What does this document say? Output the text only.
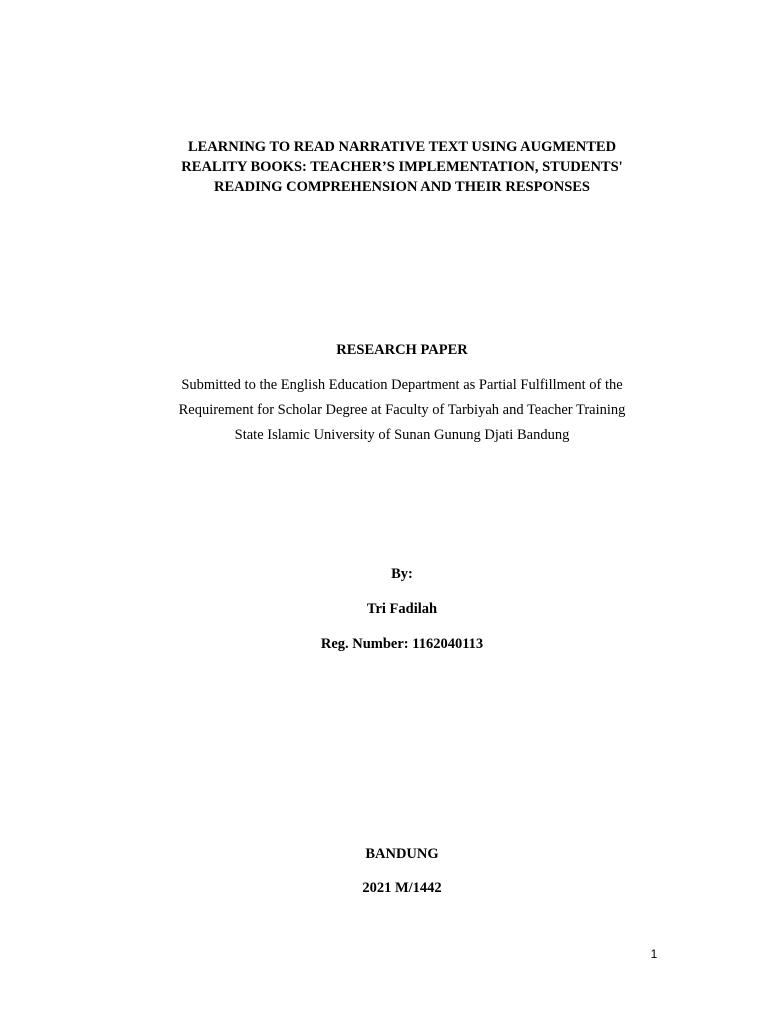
LEARNING TO READ NARRATIVE TEXT USING AUGMENTED
REALITY BOOKS: TEACHER’S IMPLEMENTATION, STUDENTS'
READING COMPREHENSION AND THEIR RESPONSES
RESEARCH PAPER
Submitted to the English Education Department as Partial Fulfillment of the
Requirement for Scholar Degree at Faculty of Tarbiyah and Teacher Training
State Islamic University of Sunan Gunung Djati Bandung
By:
Tri Fadilah
Reg. Number: 1162040113
BANDUNG
2021 M/1442
1
